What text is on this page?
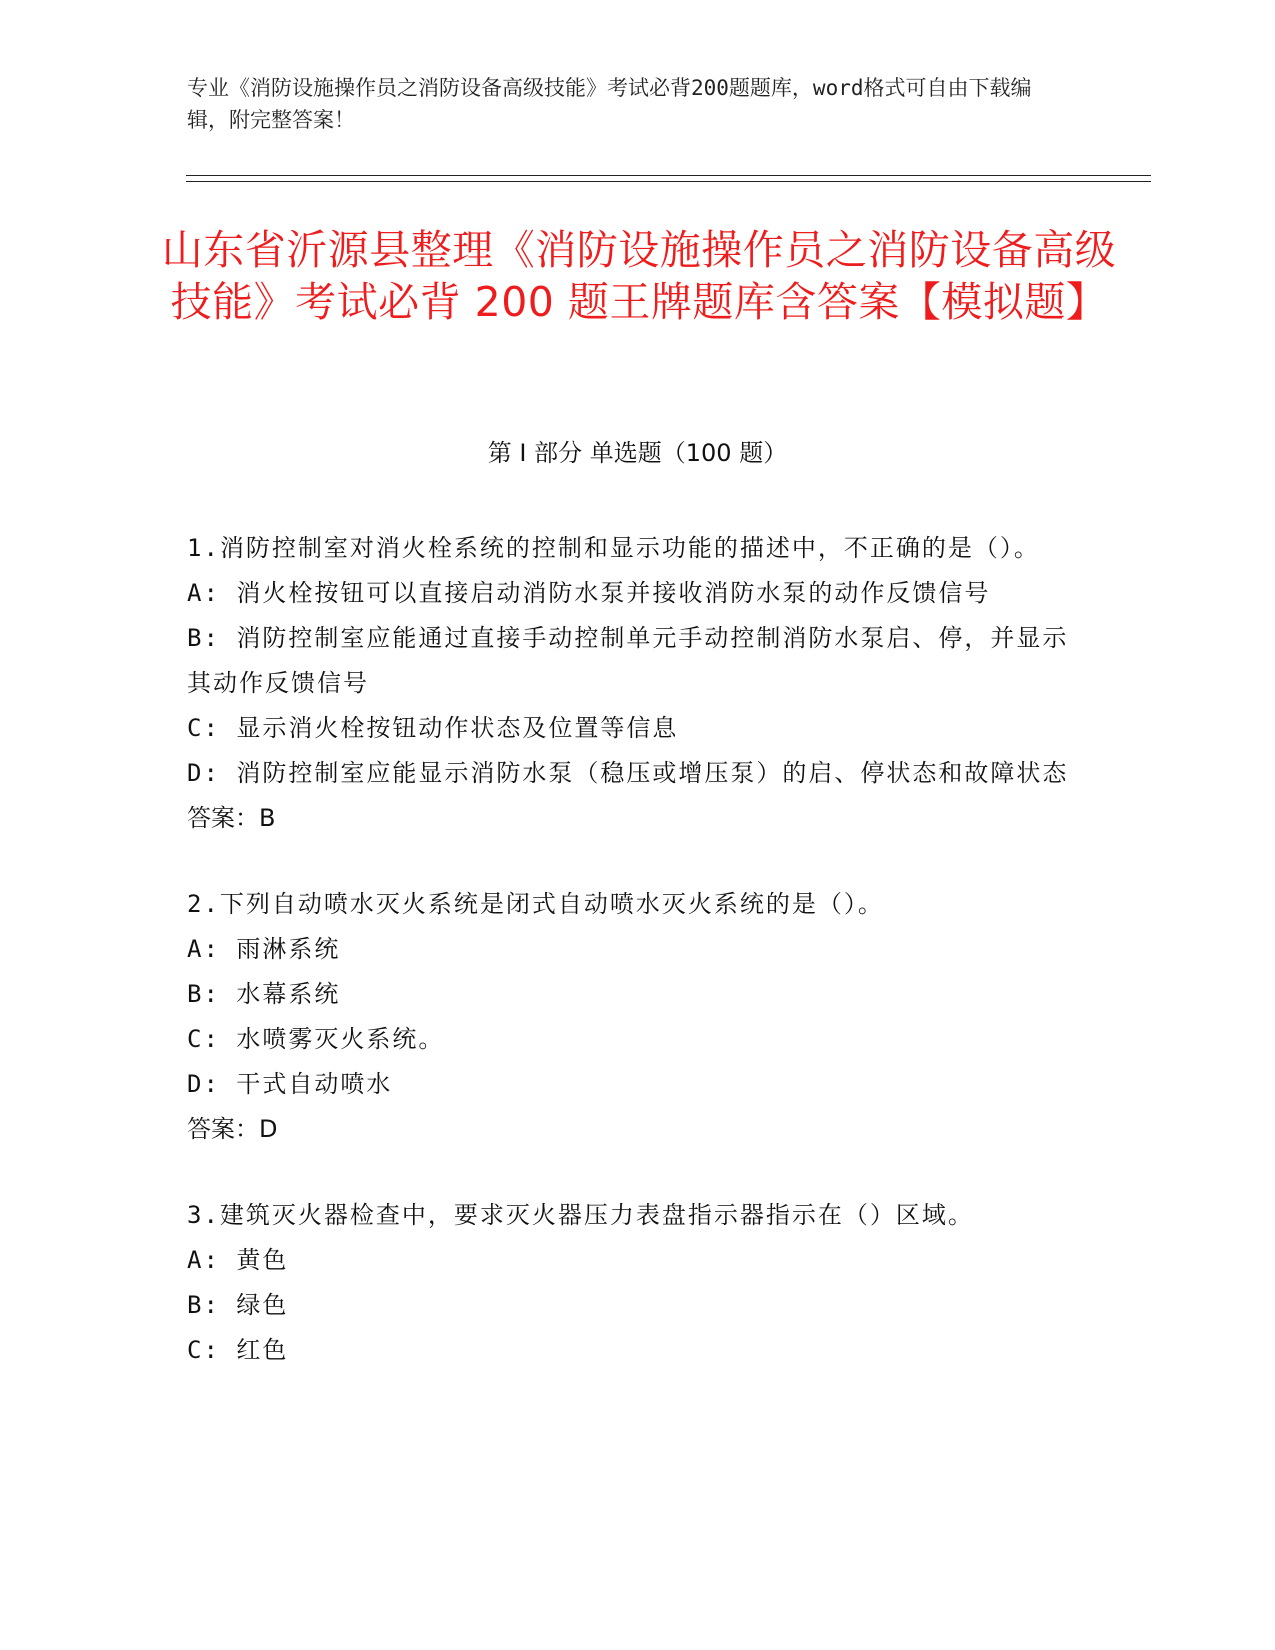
专业《消防设施操作员之消防设备高级技能》考试必背200题题库，word格式可自由下载编辑，附完整答案！
山东省沂源县整理《消防设施操作员之消防设备高级技能》考试必背 200 题王牌题库含答案【模拟题】
第 I 部分 单选题（100 题）
1.消防控制室对消火栓系统的控制和显示功能的描述中，不正确的是（）。
A: 消火栓按钮可以直接启动消防水泵并接收消防水泵的动作反馈信号
B: 消防控制室应能通过直接手动控制单元手动控制消防水泵启、停，并显示其动作反馈信号
C: 显示消火栓按钮动作状态及位置等信息
D: 消防控制室应能显示消防水泵（稳压或增压泵）的启、停状态和故障状态
答案：B
2.下列自动喷水灭火系统是闭式自动喷水灭火系统的是（）。
A: 雨淋系统
B: 水幕系统
C: 水喷雾灭火系统。
D: 干式自动喷水
答案：D
3.建筑灭火器检查中，要求灭火器压力表盘指示器指示在（）区域。
A: 黄色
B: 绿色
C: 红色
